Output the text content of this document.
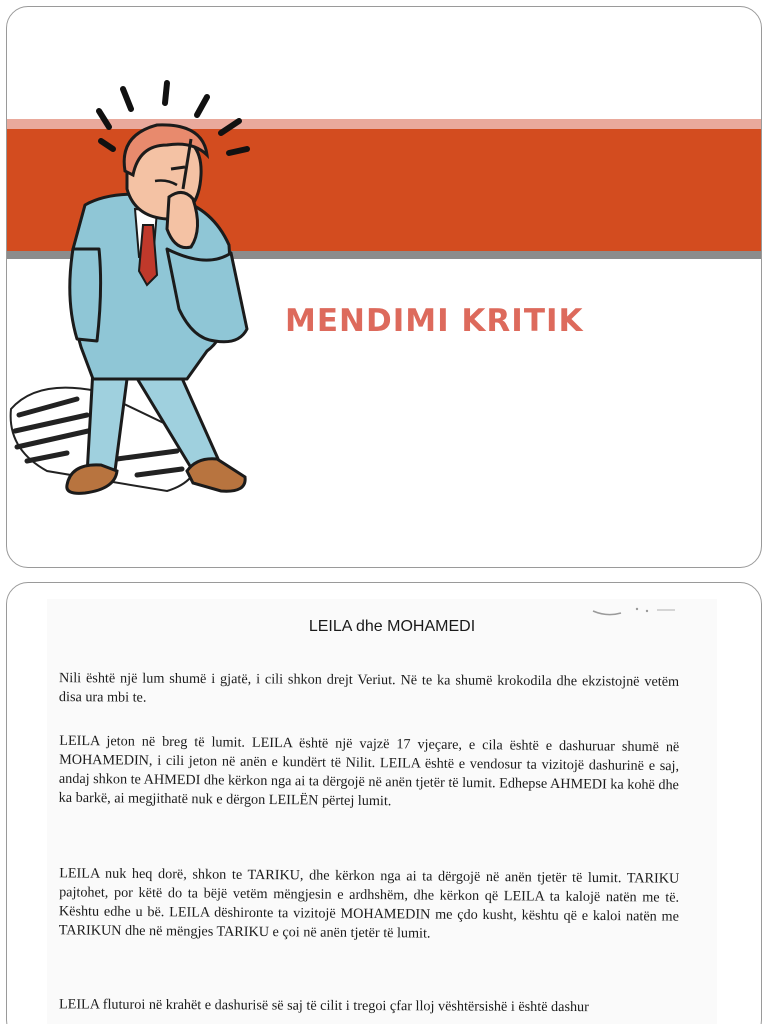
MENDIMI KRITIK
LEILA dhe MOHAMEDI

Nili është një lum shumë i gjatë, i cili shkon drejt Veriut. Në te ka shumë krokodila dhe ekzistojnë vetëm disa ura mbi te.

LEILA jeton në breg të lumit. LEILA është një vajzë 17 vjeçare, e cila është e dashuruar shumë në MOHAMEDIN, i cili jeton në anën e kundërt të Nilit. LEILA është e vendosur ta vizitojë dashurinë e saj, andaj shkon te AHMEDI dhe kërkon nga ai ta dërgojë në anën tjetër të lumit. Edhepse AHMEDI ka kohë dhe ka barkë, ai megjithatë nuk e dërgon LEILËN përtej lumit.

LEILA nuk heq dorë, shkon te TARIKU, dhe kërkon nga ai ta dërgojë në anën tjetër të lumit. TARIKU pajtohet, por këtë do ta bëjë vetëm mëngjesin e ardhshëm, dhe kërkon që LEILA ta kalojë natën me të. Kështu edhe u bë. LEILA dëshironte ta vizitojë MOHAMEDIN me çdo kusht, kështu që e kaloi natën me TARIKUN dhe në mëngjes TARIKU e çoi në anën tjetër të lumit.

LEILA fluturoi në krahët e dashurisë së saj të cilit i tregoi çfar lloj vështërsishë i është dashur
